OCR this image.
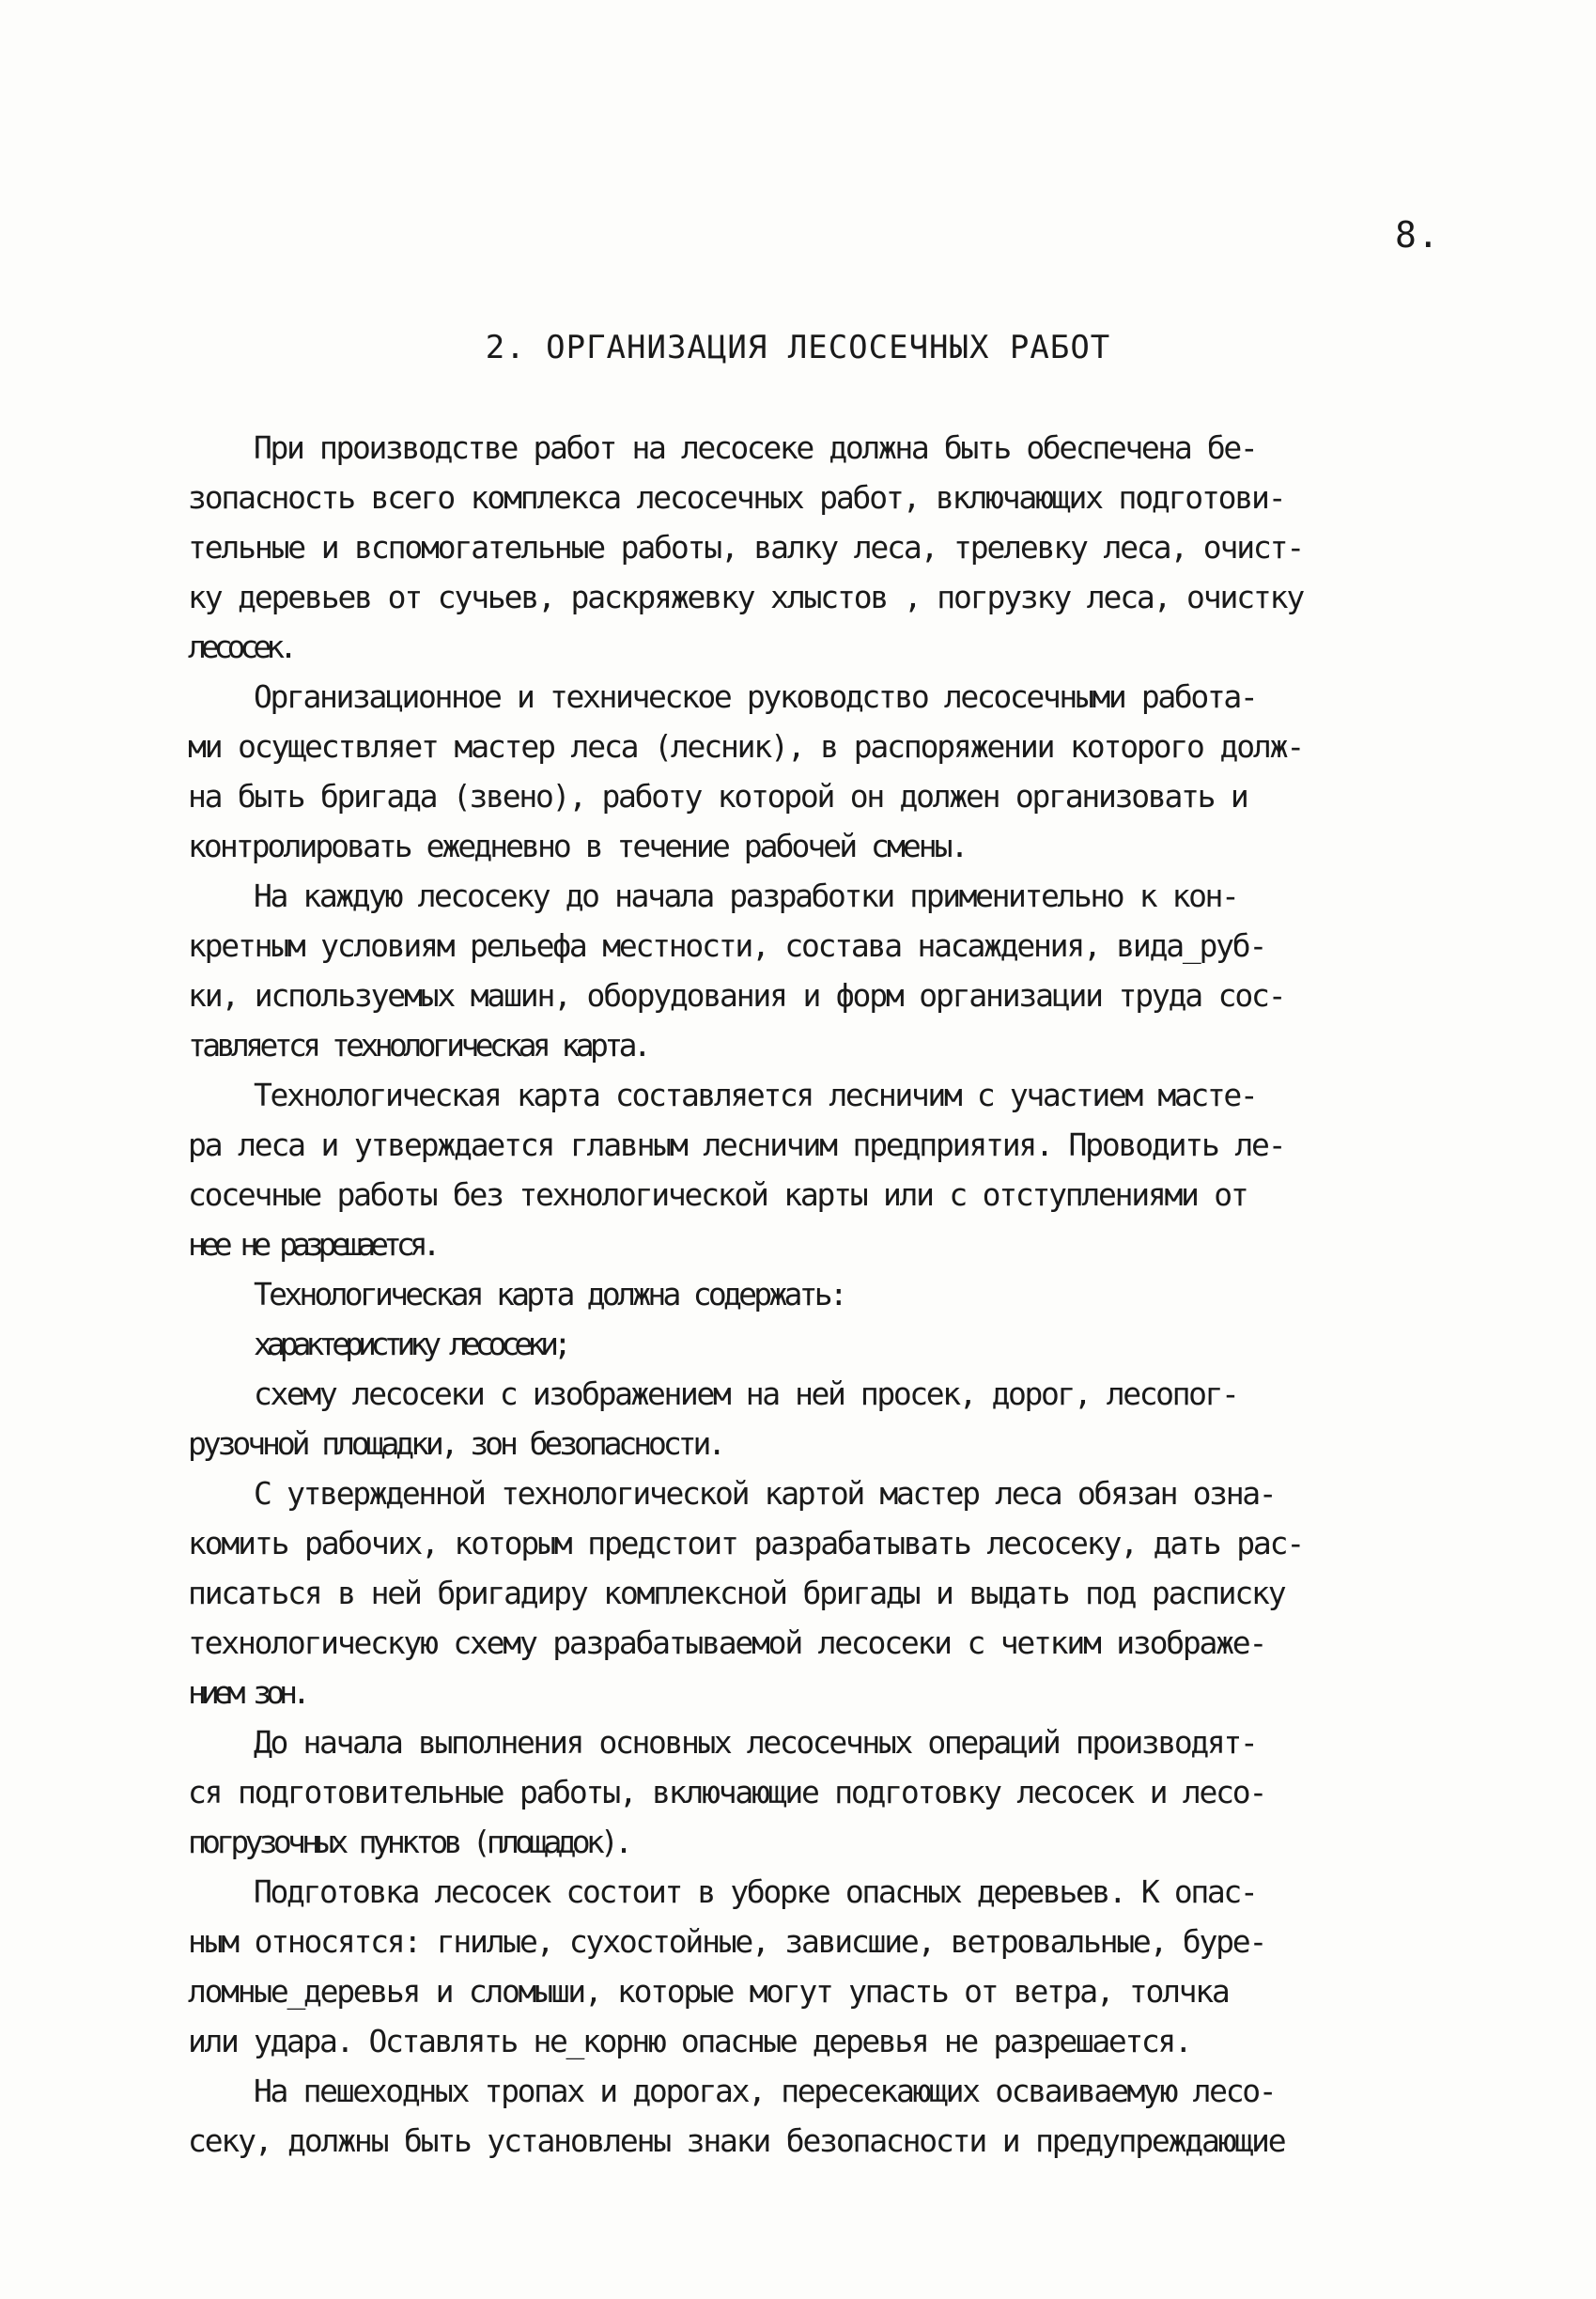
8.
2. ОРГАНИЗАЦИЯ ЛЕСОСЕЧНЫХ РАБОТ
При производстве работ на лесосеке должна быть обеспечена бе-
зопасность всего комплекса лесосечных работ, включающих подготови-
тельные и вспомогательные работы, валку леса, трелевку леса, очист-
ку деревьев от сучьев, раскряжевку хлыстов , погрузку леса, очистку
лесосек.
Организационное и техническое руководство лесосечными работа-
ми осуществляет мастер леса (лесник), в распоряжении которого долж-
на быть бригада (звено), работу которой он должен организовать и
контролировать ежедневно в течение рабочей смены.
На каждую лесосеку до начала разработки применительно к кон-
кретным условиям рельефа местности, состава насаждения, вида_руб-
ки, используемых машин, оборудования и форм организации труда сос-
тавляется технологическая карта.
Технологическая карта составляется лесничим с участием масте-
ра леса и утверждается главным лесничим предприятия. Проводить ле-
сосечные работы без технологической карты или с отступлениями от
нее не разрешается.
Технологическая карта должна содержать:
характеристику лесосеки;
схему лесосеки с изображением на ней просек, дорог, лесопог-
рузочной площадки, зон безопасности.
С утвержденной технологической картой мастер леса обязан озна-
комить рабочих, которым предстоит разрабатывать лесосеку, дать рас-
писаться в ней бригадиру комплексной бригады и выдать под расписку
технологическую схему разрабатываемой лесосеки с четким изображе-
нием зон.
До начала выполнения основных лесосечных операций производят-
ся подготовительные работы, включающие подготовку лесосек и лесо-
погрузочных пунктов (площадок).
Подготовка лесосек состоит в уборке опасных деревьев. К опас-
ным относятся: гнилые, сухостойные, зависшие, ветровальные, буре-
ломные_деревья и сломыши, которые могут упасть от ветра, толчка
или удара. Оставлять не_корню опасные деревья не разрешается.
На пешеходных тропах и дорогах, пересекающих осваиваемую лесо-
секу, должны быть установлены знаки безопасности и предупреждающие
